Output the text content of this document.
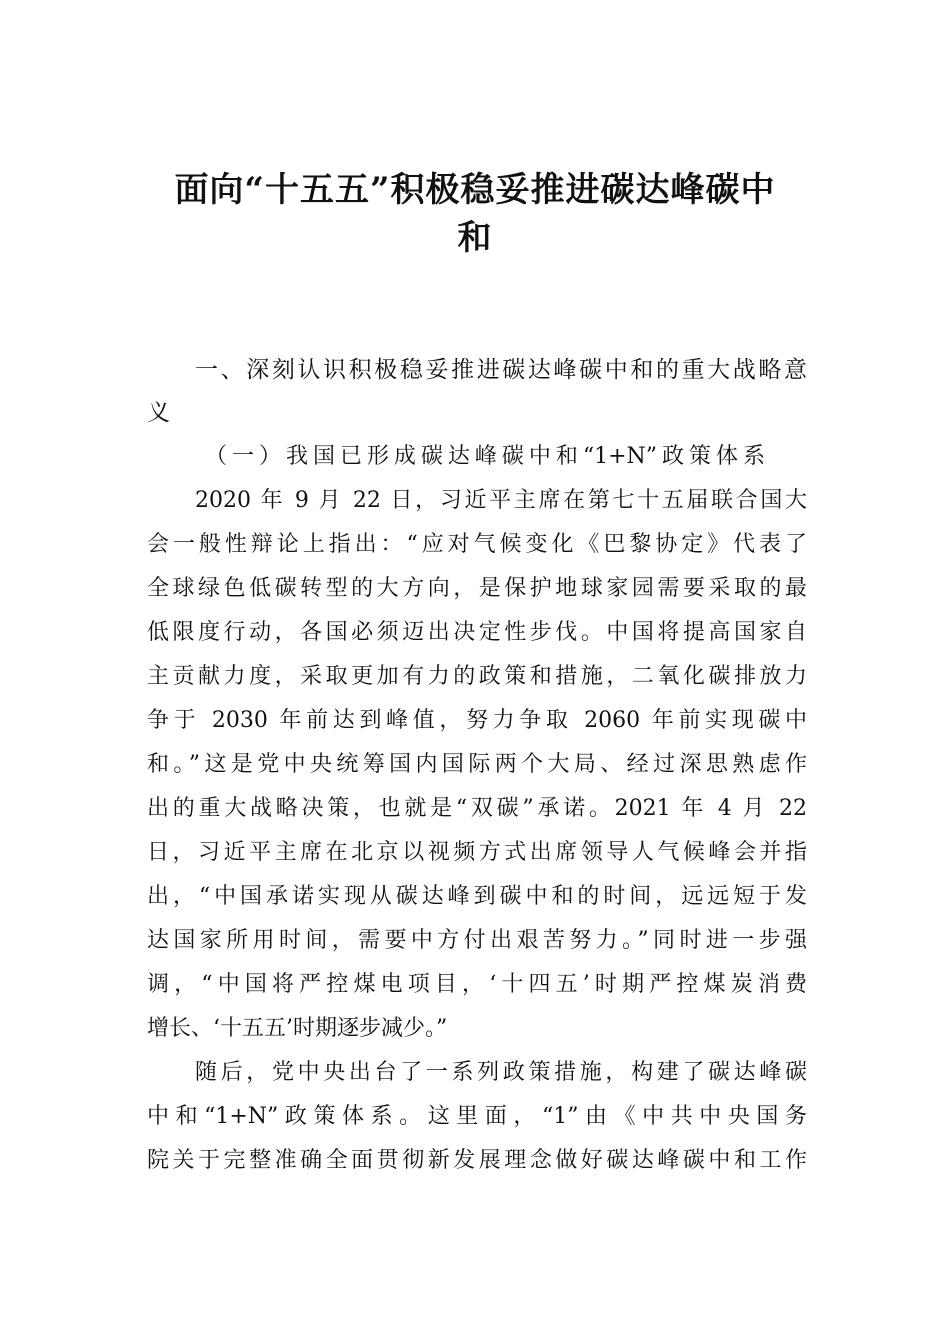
面向“十五五”积极稳妥推进碳达峰碳中
和
一、深刻认识积极稳妥推进碳达峰碳中和的重大战略意
义
（一）我国已形成碳达峰碳中和“1+N”政策体系
2020 年 9 月 22 日，习近平主席在第七十五届联合国大
会一般性辩论上指出：“应对气候变化《巴黎协定》代表了
全球绿色低碳转型的大方向，是保护地球家园需要采取的最
低限度行动，各国必须迈出决定性步伐。中国将提高国家自
主贡献力度，采取更加有力的政策和措施，二氧化碳排放力
争于 2030 年前达到峰值，努力争取 2060 年前实现碳中
和。”这是党中央统筹国内国际两个大局、经过深思熟虑作
出的重大战略决策，也就是“双碳”承诺。2021 年 4 月 22
日，习近平主席在北京以视频方式出席领导人气候峰会并指
出，“中国承诺实现从碳达峰到碳中和的时间，远远短于发
达国家所用时间，需要中方付出艰苦努力。”同时进一步强
调，“中国将严控煤电项目，‘十四五’时期严控煤炭消费
增长、‘十五五’时期逐步减少。”
随后，党中央出台了一系列政策措施，构建了碳达峰碳
中和“1+N”政策体系。这里面，“1”由《中共中央国务
院关于完整准确全面贯彻新发展理念做好碳达峰碳中和工作
